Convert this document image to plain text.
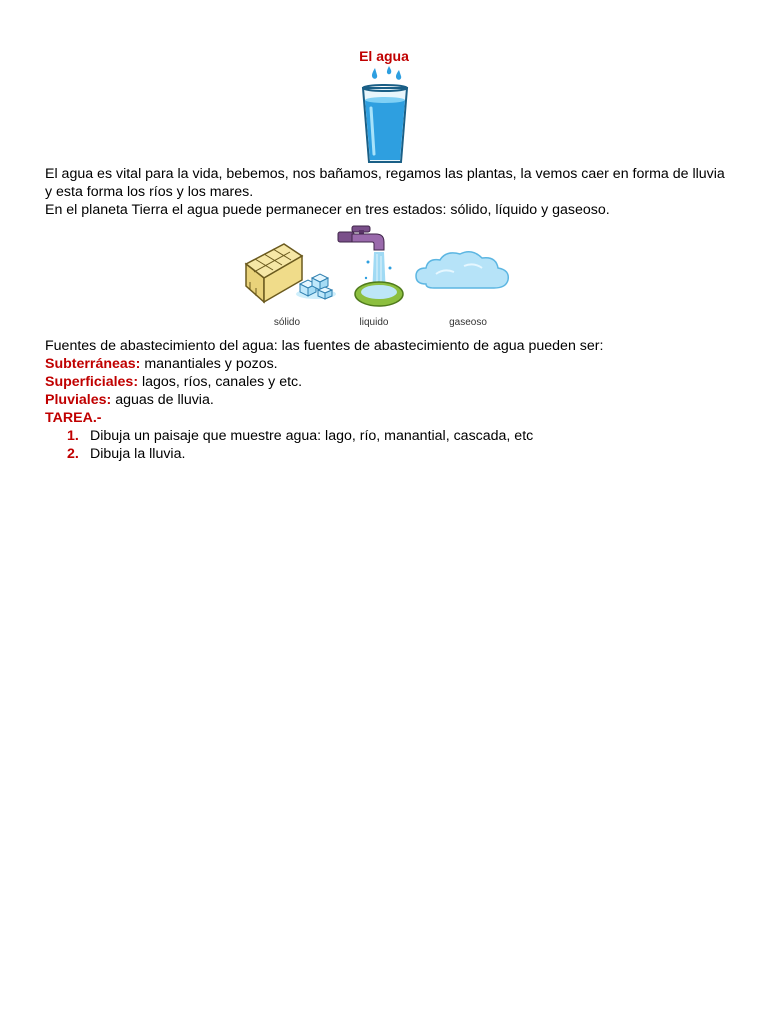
El agua

El agua es vital para la vida, bebemos, nos bañamos, regamos las plantas, la vemos caer en forma de lluvia y esta forma los ríos y los mares.

En el planeta Tierra el agua puede permanecer en tres estados: sólido, líquido y gaseoso.

sólido	liquido	gaseoso

Fuentes de abastecimiento del agua: las fuentes de abastecimiento de agua pueden ser:

Subterráneas: manantiales y pozos.

Superficiales: lagos, ríos, canales y etc.

Pluviales: aguas de lluvia.

TAREA.-

1. Dibuja un paisaje que muestre agua: lago, río, manantial, cascada, etc
2. Dibuja la lluvia.
